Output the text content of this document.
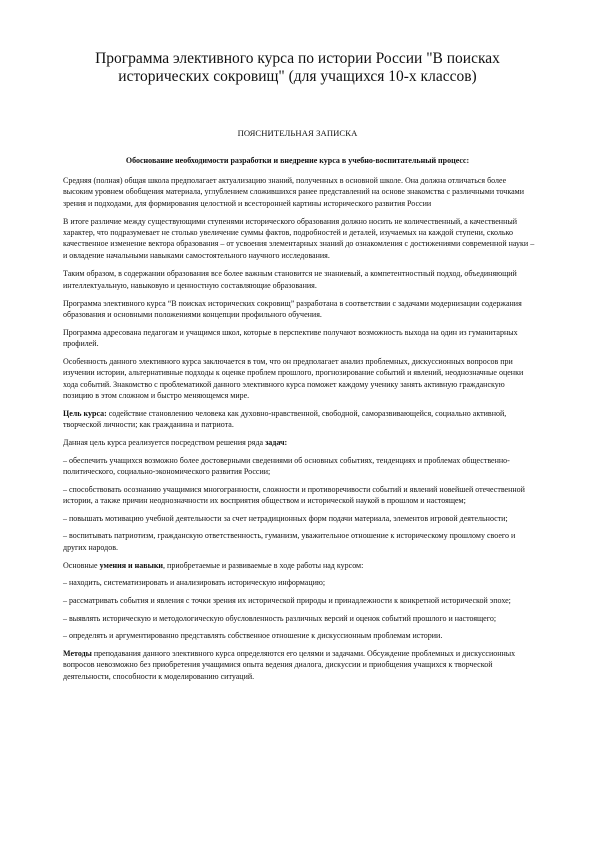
Программа элективного курса по истории России "В поисках исторических сокровищ" (для учащихся 10-х классов)

ПОЯСНИТЕЛЬНАЯ ЗАПИСКА

Обоснование необходимости разработки и внедрение курса в учебно-воспитательный процесс:

Средняя (полная) общая школа предполагает актуализацию знаний, полученных в основной школе. Она должна отличаться более высоким уровнем обобщения материала, углублением сложившихся ранее представлений на основе знакомства с различными точками зрения и подходами, для формирования целостной и всесторонней картины исторического развития России

В итоге различие между существующими ступенями исторического образования должно носить не количественный, а качественный характер, что подразумевает не столько увеличение суммы фактов, подробностей и деталей, изучаемых на каждой ступени, сколько качественное изменение вектора образования – от усвоения элементарных знаний до ознакомления с достижениями современной науки – и овладение начальными навыками самостоятельного научного исследования.

Таким образом, в содержании образования все более важным становится не знаниевый, а компетентностный подход, объединяющий интеллектуальную, навыковую и ценностную составляющие образования.

Программа элективного курса “В поисках исторических сокровищ” разработана в соответствии с задачами модернизации содержания образования и основными положениями концепции профильного обучения.

Программа адресована педагогам и учащимся школ, которые в перспективе получают возможность выхода на один из гуманитарных профилей.

Особенность данного элективного курса заключается в том, что он предполагает анализ проблемных, дискуссионных вопросов при изучении истории, альтернативные подходы к оценке проблем прошлого, прогнозирование событий и явлений, неоднозначные оценки хода событий. Знакомство с проблематикой данного элективного курса поможет каждому ученику занять активную гражданскую позицию в этом сложном и быстро меняющемся мире.

Цель курса: содействие становлению человека как духовно-нравственной, свободной, саморазвивающейся, социально активной, творческой личности; как гражданина и патриота.

Данная цель курса реализуется посредством решения ряда задач:

– обеспечить учащихся возможно более достоверными сведениями об основных событиях, тенденциях и проблемах общественно-политического, социально-экономического развития России;

– способствовать осознанию учащимися многогранности, сложности и противоречивости событий и явлений новейшей отечественной истории, а также причин неоднозначности их восприятия обществом и исторической наукой в прошлом и настоящем;

– повышать мотивацию учебной деятельности за счет нетрадиционных форм подачи материала, элементов игровой деятельности;

– воспитывать патриотизм, гражданскую ответственность, гуманизм, уважительное отношение к историческому прошлому своего и других народов.

Основные умения и навыки, приобретаемые и развиваемые в ходе работы над курсом:

– находить, систематизировать и анализировать историческую информацию;

– рассматривать события и явления с точки зрения их исторической природы и принадлежности к конкретной исторической эпохе;

– выявлять историческую и методологическую обусловленность различных версий и оценок событий прошлого и настоящего;

– определять и аргументированно представлять собственное отношение к дискуссионным проблемам истории.

Методы преподавания данного элективного курса определяются его целями и задачами. Обсуждение проблемных и дискуссионных вопросов невозможно без приобретения учащимися опыта ведения диалога, дискуссии и приобщения учащихся к творческой деятельности, способности к моделированию ситуаций.
